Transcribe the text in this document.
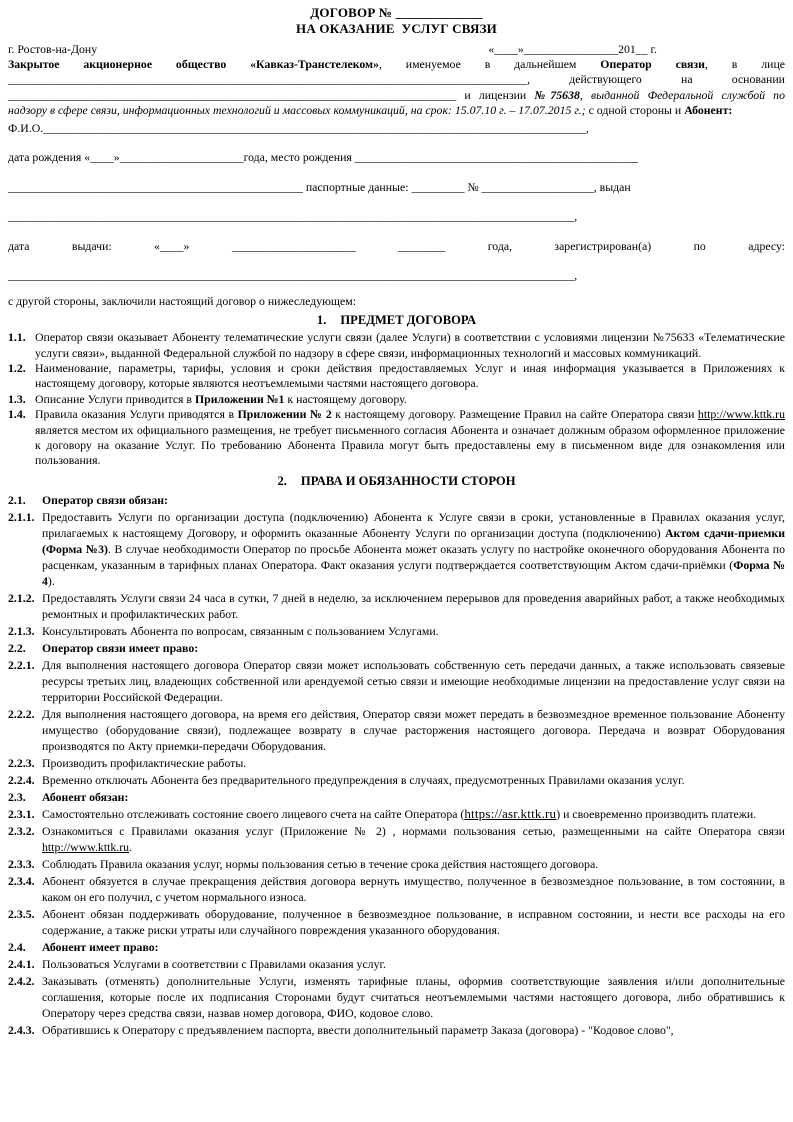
ДОГОВОР № _____________

НА ОКАЗАНИЕ  УСЛУГ СВЯЗИ

г. Ростов-на-Дону	«____»________________201__ г.

Закрытое акционерное общество «Кавказ-Транстелеком», именуемое в дальнейшем Оператор связи, в лице ________________________________________________________________________________________, действующего на основании ____________________________________________________________________________ и лицензии №75638, выданной Федеральной службой по надзору в сфере связи, информационных технологий и массовых коммуникаций, на срок: 15.07.10 г. – 17.07.2015 г.; с одной стороны и Абонент:

Ф.И.О.____________________________________________________________________________________________,

дата рождения «____»_____________________года, место рождения ________________________________________________

__________________________________________________ паспортные данные: _________ № ___________________, выдан

________________________________________________________________________________________________,

дата выдачи: «____» _____________________ ________ года, зарегистрирован(а) по адресу:

________________________________________________________________________________________________,

с другой стороны, заключили настоящий договор о нижеследующем:

1. ПРЕДМЕТ ДОГОВОРА

1.1. Оператор связи оказывает Абоненту телематические услуги связи (далее Услуги) в соответствии с условиями лицензии №75633 «Телематические услуги связи», выданной Федеральной службой по надзору в сфере связи, информационных технологий и массовых коммуникаций.

1.2. Наименование, параметры, тарифы, условия и сроки действия предоставляемых Услуг и иная информация указывается в Приложениях к настоящему договору, которые являются неотъемлемыми частями настоящего договора.

1.3. Описание Услуги приводится в Приложении №1 к настоящему договору.

1.4. Правила оказания Услуги приводятся в Приложении № 2 к настоящему договору. Размещение Правил на сайте Оператора связи http://www.kttk.ru является местом их официального размещения, не требует письменного согласия Абонента и означает должным образом оформленное приложение к договору на оказание Услуг. По требованию Абонента Правила могут быть предоставлены ему в письменном виде для ознакомления или пользования.

2. ПРАВА И ОБЯЗАННОСТИ СТОРОН

2.1. Оператор связи обязан:

2.1.1. Предоставить Услуги по организации доступа (подключению) Абонента к Услуге связи в сроки, установленные в Правилах оказания услуг, прилагаемых к настоящему Договору, и оформить оказанные Абоненту Услуги по организации доступа (подключению) Актом сдачи-приемки (Форма №3). В случае необходимости Оператор по просьбе Абонента может оказать услугу по настройке оконечного оборудования Абонента по расценкам, указанным в тарифных планах Оператора. Факт оказания услуги подтверждается соответствующим Актом сдачи-приёмки (Форма № 4).

2.1.2. Предоставлять Услуги связи 24 часа в сутки, 7 дней в неделю, за исключением перерывов для проведения аварийных работ, а также необходимых ремонтных и профилактических работ.

2.1.3. Консультировать Абонента по вопросам, связанным с пользованием Услугами.

2.2. Оператор связи имеет право:

2.2.1. Для выполнения настоящего договора Оператор связи может использовать собственную сеть передачи данных, а также использовать связевые ресурсы третьих лиц, владеющих собственной или арендуемой сетью связи и имеющие необходимые лицензии на предоставление услуг связи на территории Российской Федерации.

2.2.2. Для выполнения настоящего договора, на время его действия, Оператор связи может передать в безвозмездное временное пользование Абоненту имущество (оборудование связи), подлежащее возврату в случае расторжения настоящего договора. Передача и возврат Оборудования производятся по Акту приемки-передачи Оборудования.

2.2.3. Производить профилактические работы.

2.2.4. Временно отключать Абонента без предварительного предупреждения в случаях, предусмотренных Правилами оказания услуг.

2.3. Абонент обязан:

2.3.1. Самостоятельно отслеживать состояние своего лицевого счета на сайте Оператора (https://asr.kttk.ru) и своевременно производить платежи.

2.3.2. Ознакомиться с Правилами оказания услуг (Приложение № 2) , нормами пользования сетью, размещенными на сайте Оператора связи http://www.kttk.ru.

2.3.3. Соблюдать Правила оказания услуг, нормы пользования сетью в течение срока действия настоящего договора.

2.3.4. Абонент обязуется в случае прекращения действия договора вернуть имущество, полученное в безвозмездное пользование, в том состоянии, в каком он его получил, с учетом нормального износа.

2.3.5. Абонент обязан поддерживать оборудование, полученное в безвозмездное пользование, в исправном состоянии, и нести все расходы на его содержание, а также риски утраты или случайного повреждения указанного оборудования.

2.4. Абонент имеет право:

2.4.1. Пользоваться Услугами в соответствии с Правилами оказания услуг.

2.4.2. Заказывать (отменять) дополнительные Услуги, изменять тарифные планы, оформив соответствующие заявления и/или дополнительные соглашения, которые после их подписания Сторонами будут считаться неотъемлемыми частями настоящего договора, либо обратившись к Оператору через средства связи, назвав номер договора, ФИО, кодовое слово.

2.4.3. Обратившись к Оператору с предъявлением паспорта, ввести дополнительный параметр Заказа (договора) - "Кодовое слово",
